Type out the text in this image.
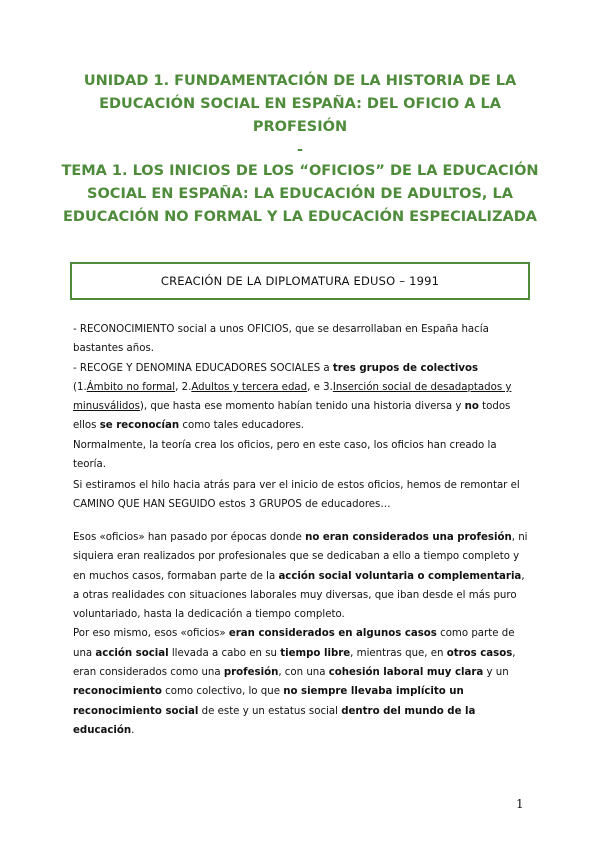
UNIDAD 1. FUNDAMENTACIÓN DE LA HISTORIA DE LA EDUCACIÓN SOCIAL EN ESPAÑA: DEL OFICIO A LA PROFESIÓN
-
TEMA 1. LOS INICIOS DE LOS “OFICIOS” DE LA EDUCACIÓN SOCIAL EN ESPAÑA: LA EDUCACIÓN DE ADULTOS, LA EDUCACIÓN NO FORMAL Y LA EDUCACIÓN ESPECIALIZADA
CREACIÓN DE LA DIPLOMATURA EDUSO – 1991

- RECONOCIMIENTO social a unos OFICIOS, que se desarrollaban en España hacía bastantes años.

- RECOGE Y DENOMINA EDUCADORES SOCIALES a tres grupos de colectivos (1.Ámbito no formal, 2.Adultos y tercera edad, e 3.Inserción social de desadaptados y minusválidos), que hasta ese momento habían tenido una historia diversa y no todos ellos se reconocían como tales educadores.

Normalmente, la teoría crea los oficios, pero en este caso, los oficios han creado la teoría.

Si estiramos el hilo hacia atrás para ver el inicio de estos oficios, hemos de remontar el CAMINO QUE HAN SEGUIDO estos 3 GRUPOS de educadores…

Esos «oficios» han pasado por épocas donde no eran considerados una profesión, ni siquiera eran realizados por profesionales que se dedicaban a ello a tiempo completo y en muchos casos, formaban parte de la acción social voluntaria o complementaria, a otras realidades con situaciones laborales muy diversas, que iban desde el más puro voluntariado, hasta la dedicación a tiempo completo.

Por eso mismo, esos «oficios» eran considerados en algunos casos como parte de una acción social llevada a cabo en su tiempo libre, mientras que, en otros casos, eran considerados como una profesión, con una cohesión laboral muy clara y un reconocimiento como colectivo, lo que no siempre llevaba implícito un reconocimiento social de este y un estatus social dentro del mundo de la educación.

1
